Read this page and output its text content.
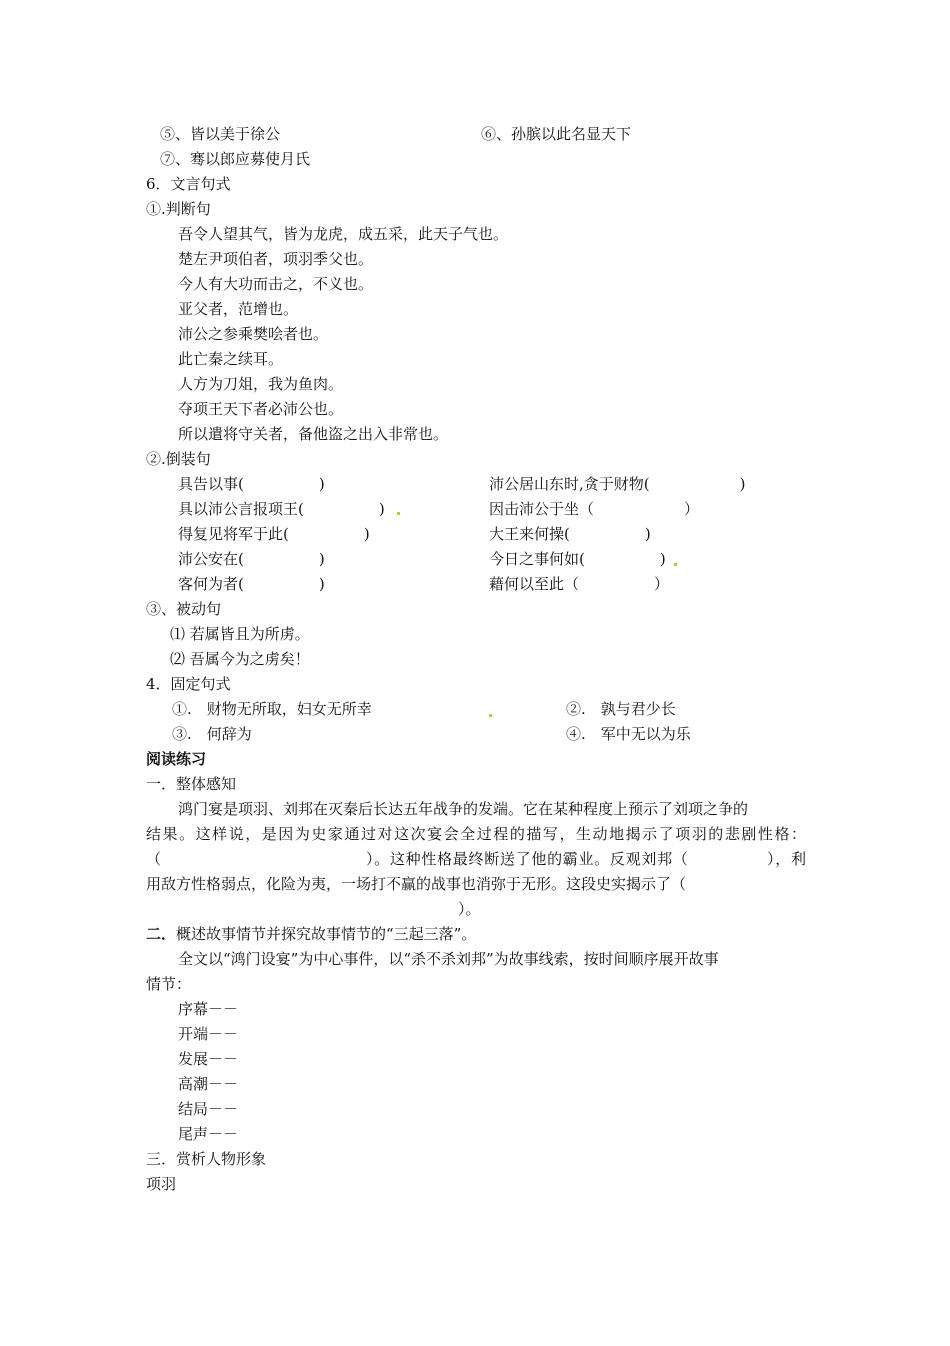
⑤、皆以美于徐公	⑥、孙膑以此名显天下
⑦、骞以郎应募使月氏
6．文言句式
①.判断句
吾令人望其气，皆为龙虎，成五采，此天子气也。
楚左尹项伯者，项羽季父也。
今人有大功而击之，不义也。
亚父者，范增也。
沛公之参乘樊哙者也。
此亡秦之续耳。
人方为刀俎，我为鱼肉。
夺项王天下者必沛公也。
所以遣将守关者，备他盗之出入非常也。
②.倒装句
具告以事(　　　　　)	沛公居山东时,贪于财物(　　　　　　)
具以沛公言报项王(　　　　　)	因击沛公于坐（　　　　　　）
得复见将军于此(　　　　　)	大王来何操(　　　　　)
沛公安在(　　　　　)	今日之事何如(　　　　　)
客何为者(　　　　　)	藉何以至此（　　　　　）
③、被动句
⑴ 若属皆且为所虏。
⑵ 吾属今为之虏矣！
4．固定句式
①.　财物无所取，妇女无所幸	②.　孰与君少长
③.　何辞为	④.　军中无以为乐
阅读练习
一．整体感知
鸿门宴是项羽、刘邦在灭秦后长达五年战争的发端。它在某种程度上预示了刘项之争的
结果。这样说，是因为史家通过对这次宴会全过程的描写，生动地揭示了项羽的悲剧性格：
（　　　　　　　　　　　　　）。这种性格最终断送了他的霸业。反观刘邦（　　　　　），利
用敌方性格弱点，化险为夷，一场打不赢的战事也消弥于无形。这段史实揭示了（
）。
二．概述故事情节并探究故事情节的“三起三落”。
全文以“鸿门设宴”为中心事件，以“杀不杀刘邦”为故事线索，按时间顺序展开故事
情节：
序幕－－
开端－－
发展－－
高潮－－
结局－－
尾声－－
三．赏析人物形象
项羽
